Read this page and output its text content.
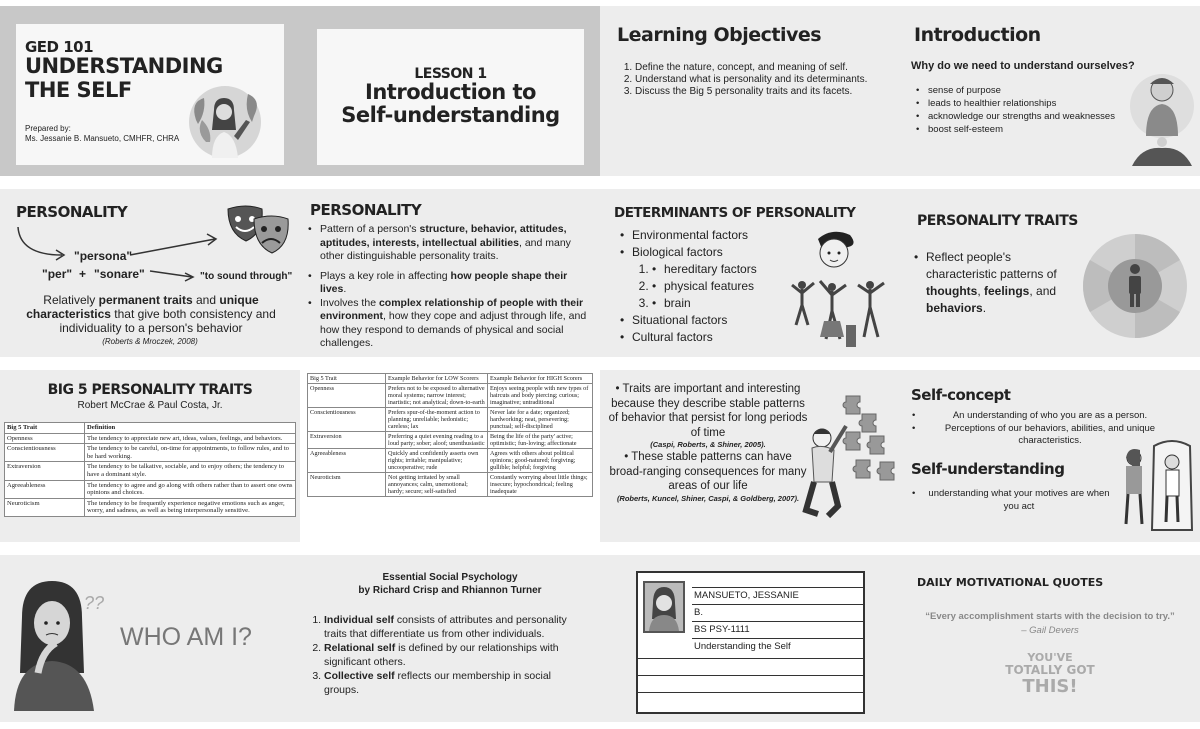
GED 101
UNDERSTANDING
THE SELF
Prepared by:
Ms. Jessanie B. Mansueto, CMHFR, CHRA
LESSON 1
Introduction to
Self-understanding
Learning Objectives
1. Define the nature, concept, and meaning of self.
2. Understand what is personality and its determinants.
3. Discuss the Big 5 personality traits and its facets.
Introduction
Why do we need to understand ourselves?
• sense of purpose
• leads to healthier relationships
• acknowledge our strengths and weaknesses
• boost self-esteem
PERSONALITY
"persona"
"per" + "sonare"	"to sound through"
Relatively permanent traits and unique characteristics that give both consistency and individuality to a person's behavior
(Roberts & Mroczek, 2008)
PERSONALITY
• Pattern of a person's structure, behavior, attitudes, aptitudes, interests, intellectual abilities, and many other distinguishable personality traits.
• Plays a key role in affecting how people shape their lives.
• Involves the complex relationship of people with their environment, how they cope and adjust through life, and how they respond to demands of physical and social challenges.
DETERMINANTS OF PERSONALITY
• Environmental factors
• Biological factors
• 1. hereditary factors
• 2. physical features
• 3. brain
• Situational factors
• Cultural factors
PERSONALITY TRAITS
• Reflect people's characteristic patterns of thoughts, feelings, and behaviors.
BIG 5 PERSONALITY TRAITS
Robert McCrae & Paul Costa, Jr.
Big 5 Trait	Definition
Openness	The tendency to appreciate new art, ideas, values, feelings, and behaviors.
Conscientiousness	The tendency to be careful, on-time for appointments, to follow rules, and to be hard working.
Extraversion	The tendency to be talkative, sociable, and to enjoy others; the tendency to have a dominant style.
Agreeableness	The tendency to agree and go along with others rather than to assert one owns opinions and choices.
Neuroticism	The tendency to be frequently experience negative emotions such as anger, worry, and sadness, as well as being interpersonally sensitive.
Big 5 Trait	Example Behavior for LOW Scorers	Example Behavior for HIGH Scorers
Openness	Prefers not to be exposed to alternative moral systems; narrow interest; inartistic; not analytical; down-to-earth	Enjoys seeing people with new types of haircuts and body piercing; curious; imaginative; untraditional
Conscientiousness	Prefers spur-of-the-moment action to planning; unreliable; hedonistic; careless; lax	Never late for a date; organized; hardworking; neat, persevering; punctual; self-disciplined
Extraversion	Preferring a quiet evening reading to a loud party; sober; aloof; unenthusiastic	Being the life of the party' active; optimistic; fun-loving; affectionate
Agreeableness	Quickly and confidently asserts own rights; irritable; manipulative; uncooperative; rude	Agrees with others about political opinions; good-natured; forgiving; gullible; helpful; forgiving
Neuroticism	Not getting irritated by small annoyances; calm, unemotional; hardy; secure; self-satisfied	Constantly worrying about little things; insecure; hypochondrical; feeling inadequate
• Traits are important and interesting because they describe stable patterns of behavior that persist for long periods of time
(Caspi, Roberts, & Shiner, 2005).
• These stable patterns can have broad-ranging consequences for many areas of our life
(Roberts, Kuncel, Shiner, Caspi, & Goldberg, 2007).
Self-concept
•	An understanding of who you are as a person.
•	Perceptions of our behaviors, abilities, and unique characteristics.
Self-understanding
•	understanding what your motives are when you act
??
WHO AM I?
Essential Social Psychology
by Richard Crisp and Rhiannon Turner
1. Individual self consists of attributes and personality traits that differentiate us from other individuals.
2. Relational self is defined by our relationships with significant others.
3. Collective self reflects our membership in social groups.
MANSUETO, JESSANIE
B.
BS PSY-1111
Understanding the Self
DAILY MOTIVATIONAL QUOTES
“Every accomplishment starts with the decision to try.”
– Gail Devers
YOU'VE
TOTALLY GOT
THIS!
